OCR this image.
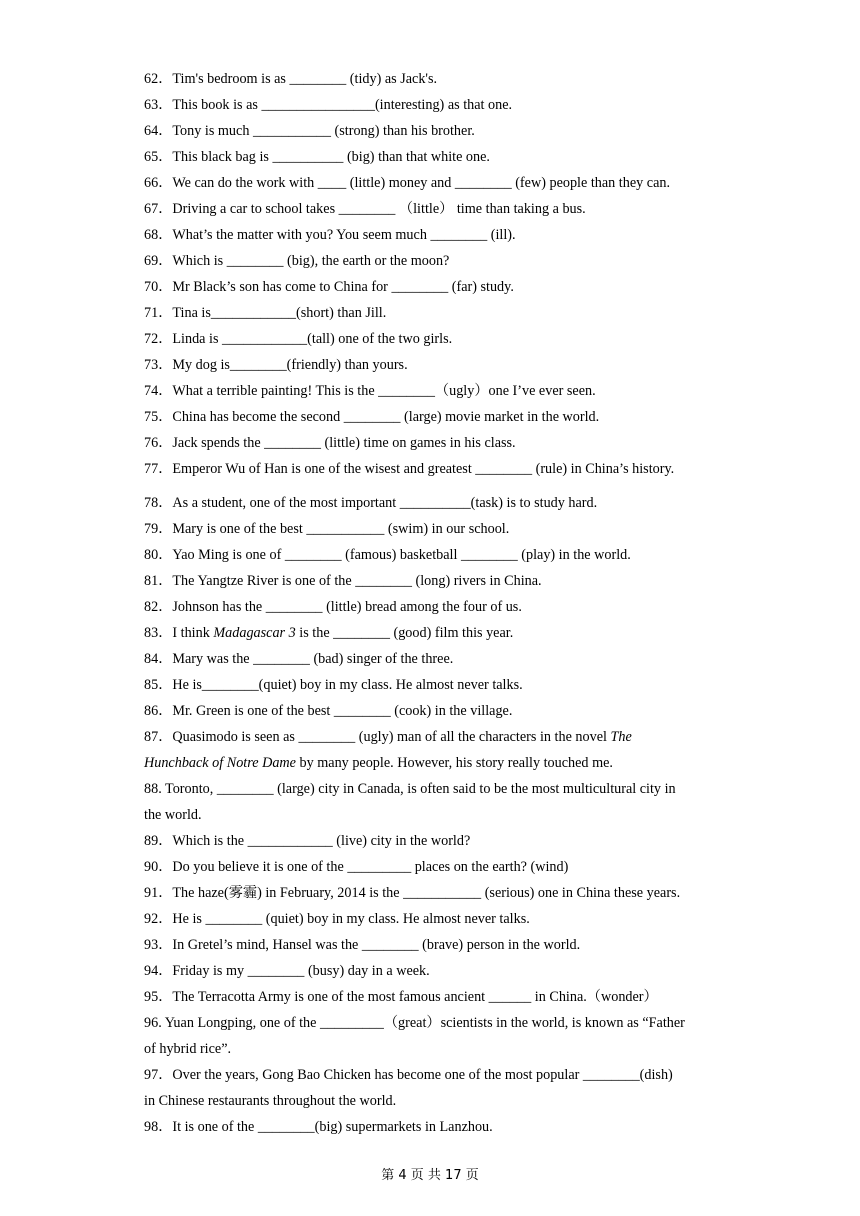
62．Tim's bedroom is as ________ (tidy) as Jack's.
63．This book is as ________________(interesting) as that one.
64．Tony is much ___________ (strong) than his brother.
65．This black bag is __________ (big) than that white one.
66．We can do the work with ____ (little) money and ________ (few) people than they can.
67．Driving a car to school takes ________ （little） time than taking a bus.
68．What’s the matter with you? You seem much ________ (ill).
69．Which is ________ (big), the earth or the moon?
70．Mr Black’s son has come to China for ________ (far) study.
71．Tina is____________(short) than Jill.
72．Linda is ____________(tall) one of the two girls.
73．My dog is________(friendly) than yours.
74．What a terrible painting! This is the ________（ugly）one I’ve ever seen.
75．China has become the second ________ (large) movie market in the world.
76．Jack spends the ________ (little) time on games in his class.
77．Emperor Wu of Han is one of the wisest and greatest ________ (rule) in China’s history.
78．As a student, one of the most important __________(task) is to study hard.
79．Mary is one of the best ___________ (swim) in our school.
80．Yao Ming is one of ________ (famous) basketball ________ (play) in the world.
81．The Yangtze River is one of the ________ (long) rivers in China.
82．Johnson has the ________ (little) bread among the four of us.
83．I think Madagascar 3 is the ________ (good) film this year.
84．Mary was the ________ (bad) singer of the three.
85．He is________(quiet) boy in my class. He almost never talks.
86．Mr. Green is one of the best ________ (cook) in the village.
87．Quasimodo is seen as ________ (ugly) man of all the characters in the novel The
Hunchback of Notre Dame by many people. However, his story really touched me.
88. Toronto, ________ (large) city in Canada, is often said to be the most multicultural city in
the world.
89．Which is the ____________ (live) city in the world?
90．Do you believe it is one of the _________ places on the earth? (wind)
91．The haze(雾霾) in February, 2014 is the ___________ (serious) one in China these years.
92．He is ________ (quiet) boy in my class. He almost never talks.
93．In Gretel’s mind, Hansel was the ________ (brave) person in the world.
94．Friday is my ________ (busy) day in a week.
95．The Terracotta Army is one of the most famous ancient ______ in China.（wonder）
96. Yuan Longping, one of the _________（great）scientists in the world, is known as “Father
of hybrid rice”.
97．Over the years, Gong Bao Chicken has become one of the most popular ________(dish)
in Chinese restaurants throughout the world.
98．It is one of the ________(big) supermarkets in Lanzhou.
第 4 页 共 17 页
